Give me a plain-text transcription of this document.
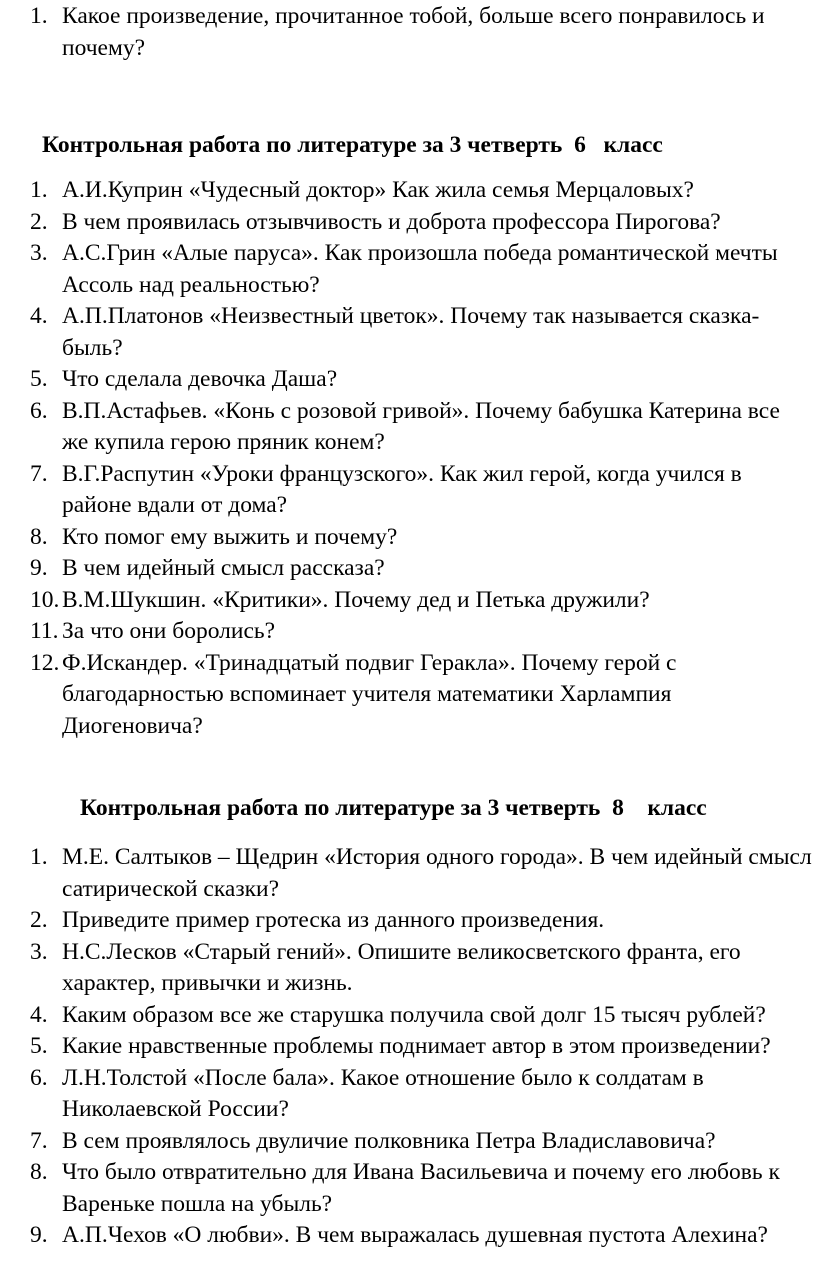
1. Какое произведение, прочитанное тобой, больше всего понравилось и почему?
Контрольная работа по литературе за 3 четверть  6   класс
1. А.И.Куприн «Чудесный доктор» Как жила семья Мерцаловых?
2. В чем проявилась отзывчивость и доброта профессора Пирогова?
3. А.С.Грин «Алые паруса». Как произошла победа романтической мечты Ассоль над реальностью?
4. А.П.Платонов «Неизвестный цветок». Почему так называется сказка-быль?
5. Что сделала девочка Даша?
6. В.П.Астафьев. «Конь с розовой гривой». Почему бабушка Катерина все же купила герою пряник конем?
7. В.Г.Распутин «Уроки французского». Как жил герой, когда учился в районе вдали от дома?
8. Кто помог ему выжить и почему?
9. В чем идейный смысл рассказа?
10. В.М.Шукшин. «Критики». Почему дед и Петька дружили?
11. За что они боролись?
12. Ф.Искандер. «Тринадцатый подвиг Геракла». Почему герой с благодарностью вспоминает учителя математики Харлампия Диогеновича?
Контрольная работа по литературе за 3 четверть  8    класс
1. М.Е. Салтыков – Щедрин «История одного города». В чем идейный смысл сатирической сказки?
2. Приведите пример гротеска из данного произведения.
3. Н.С.Лесков «Старый гений». Опишите великосветского франта, его характер, привычки и жизнь.
4. Каким образом все же старушка получила свой долг 15 тысяч рублей?
5. Какие нравственные проблемы поднимает автор в этом произведении?
6. Л.Н.Толстой «После бала». Какое отношение было к солдатам в Николаевской России?
7. В сем проявлялось двуличие полковника Петра Владиславовича?
8. Что было отвратительно для Ивана Васильевича и почему его любовь к Вареньке пошла на убыль?
9. А.П.Чехов «О любви». В чем выражалась душевная пустота Алехина?
